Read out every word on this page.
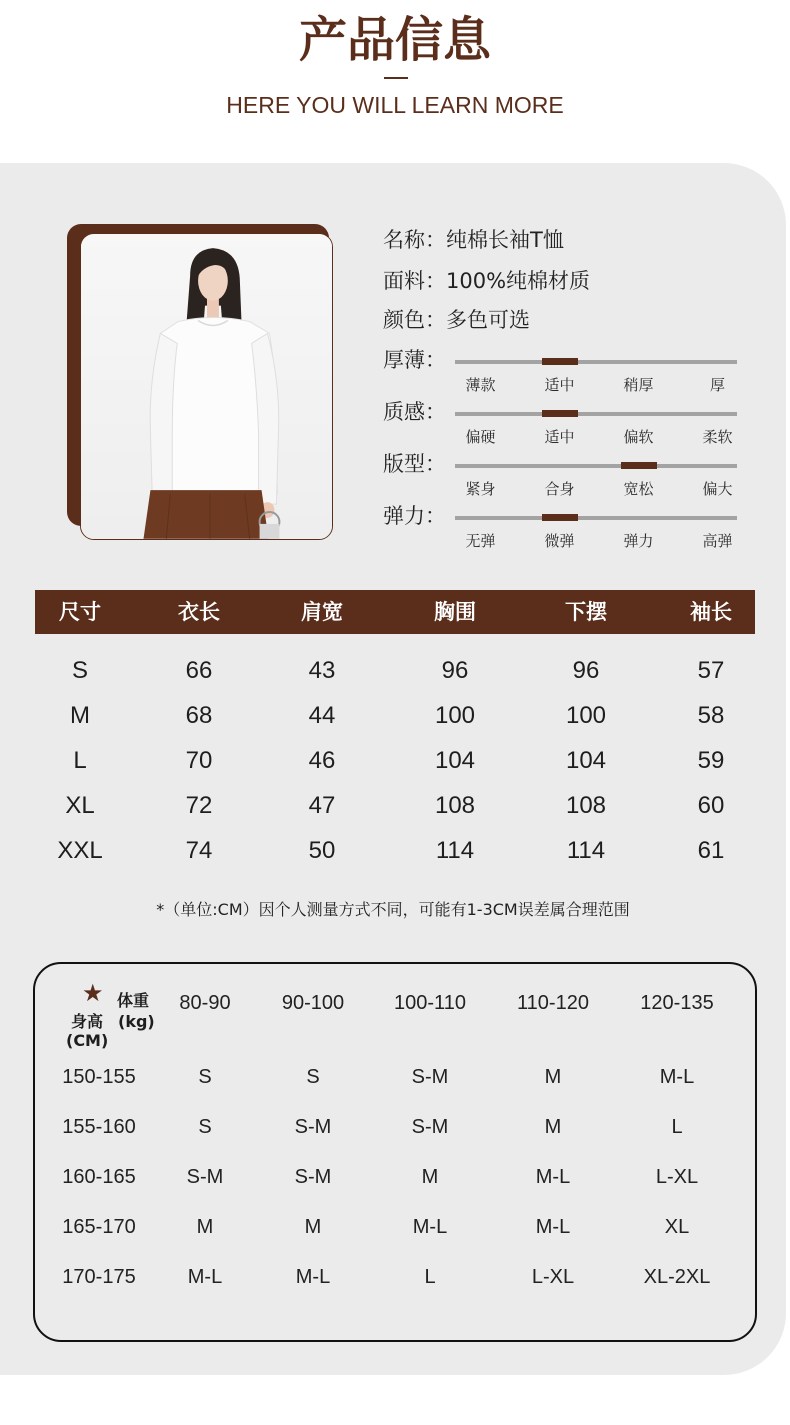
产品信息
HERE YOU WILL LEARN MORE
名称：纯棉长袖T恤
面料：100%纯棉材质
颜色：多色可选
厚薄：
薄款	适中	稍厚	厚
质感：
偏硬	适中	偏软	柔软
版型：
紧身	合身	宽松	偏大
弹力：
无弹	微弹	弹力	高弹
尺寸	衣长	肩宽	胸围	下摆	袖长
S	66	43	96	96	57
M	68	44	100	100	58
L	70	46	104	104	59
XL	72	47	108	108	60
XXL	74	50	114	114	61
*（单位:CM）因个人测量方式不同，可能有1-3CM误差属合理范围
★ 体重
(kg)
身高
(CM)
80-90	90-100	100-110	110-120	120-135
150-155	S	S	S-M	M	M-L
155-160	S	S-M	S-M	M	L
160-165	S-M	S-M	M	M-L	L-XL
165-170	M	M	M-L	M-L	XL
170-175	M-L	M-L	L	L-XL	XL-2XL
